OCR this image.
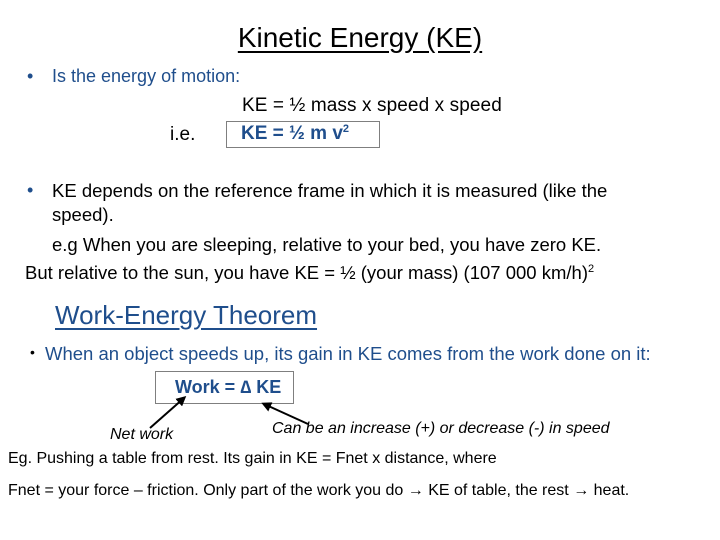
Kinetic Energy (KE)
• Is the energy of motion:
KE = ½ mass x speed x speed
i.e. KE = ½ m $v^2$
• KE depends on the reference frame in which it is measured (like the
speed).
e.g When you are sleeping, relative to your bed, you have zero KE.
But relative to the sun, you have KE = ½ (your mass) (107 000 km/h)$^2$
Work-Energy Theorem
• When an object speeds up, its gain in KE comes from the work done on it:
Work = ∆ KE
Net work	Can be an increase (+) or decrease (-) in speed
Eg. Pushing a table from rest. Its gain in KE = Fnet x distance, where
Fnet = your force – friction. Only part of the work you do → KE of table, the rest → heat.
